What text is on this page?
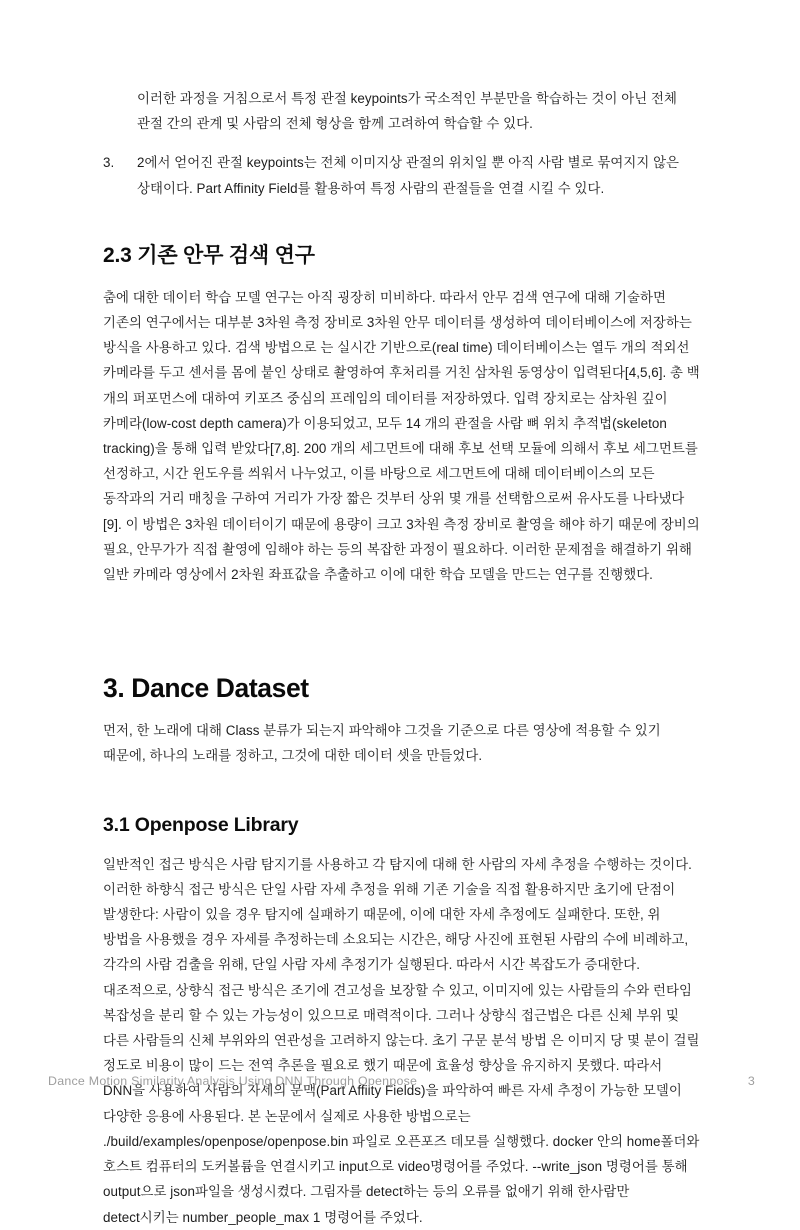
이러한 과정을 거침으로서 특정 관절 keypoints가 국소적인 부분만을 학습하는 것이 아닌 전체 관절 간의 관계 및 사람의 전체 형상을 함께 고려하여 학습할 수 있다.

3. 2에서 얻어진 관절 keypoints는 전체 이미지상 관절의 위치일 뿐 아직 사람 별로 묶여지지 않은 상태이다. Part Affinity Field를 활용하여 특정 사람의 관절들을 연결 시킬 수 있다.
2.3 기존 안무 검색 연구

춤에 대한 데이터 학습 모델 연구는 아직 굉장히 미비하다. 따라서 안무 검색 연구에 대해 기술하면 기존의 연구에서는 대부분 3차원 측정 장비로 3차원 안무 데이터를 생성하여 데이터베이스에 저장하는 방식을 사용하고 있다. 검색 방법으로 는 실시간 기반으로(real time) 데이터베이스는 열두 개의 적외선 카메라를 두고 센서를 몸에 붙인 상태로 촬영하여 후처리를 거친 삼차원 동영상이 입력된다[4,5,6]. 총 백 개의 퍼포먼스에 대하여 키포즈 중심의 프레임의 데이터를 저장하였다. 입력 장치로는 삼차원 깊이 카메라(low-cost depth camera)가 이용되었고, 모두 14 개의 관절을 사람 뼈 위치 추적법(skeleton tracking)을 통해 입력 받았다[7,8]. 200 개의 세그먼트에 대해 후보 선택 모듈에 의해서 후보 세그먼트를 선정하고, 시간 윈도우를 씌워서 나누었고, 이를 바탕으로 세그먼트에 대해 데이터베이스의 모든 동작과의 거리 매칭을 구하여 거리가 가장 짧은 것부터 상위 몇 개를 선택함으로써 유사도를 나타냈다[9]. 이 방법은 3차원 데이터이기 때문에 용량이 크고 3차원 측정 장비로 촬영을 해야 하기 때문에 장비의 필요, 안무가가 직접 촬영에 임해야 하는 등의 복잡한 과정이 필요하다. 이러한 문제점을 해결하기 위해 일반 카메라 영상에서 2차원 좌표값을 추출하고 이에 대한 학습 모델을 만드는 연구를 진행했다.

3. Dance Dataset

먼저, 한 노래에 대해 Class 분류가 되는지 파악해야 그것을 기준으로 다른 영상에 적용할 수 있기 때문에, 하나의 노래를 정하고, 그것에 대한 데이터 셋을 만들었다.

3.1 Openpose Library

일반적인 접근 방식은 사람 탐지기를 사용하고 각 탐지에 대해 한 사람의 자세 추정을 수행하는 것이다. 이러한 하향식 접근 방식은 단일 사람 자세 추정을 위해 기존 기술을 직접 활용하지만 초기에 단점이 발생한다: 사람이 있을 경우 탐지에 실패하기 때문에, 이에 대한 자세 추정에도 실패한다. 또한, 위 방법을 사용했을 경우 자세를 추정하는데 소요되는 시간은, 해당 사진에 표현된 사람의 수에 비례하고, 각각의 사람 검출을 위해, 단일 사람 자세 추정기가 실행된다. 따라서 시간 복잡도가 증대한다. 대조적으로, 상향식 접근 방식은 조기에 견고성을 보장할 수 있고, 이미지에 있는 사람들의 수와 런타임 복잡성을 분리 할 수 있는 가능성이 있으므로 매력적이다. 그러나 상향식 접근법은 다른 신체 부위 및 다른 사람들의 신체 부위와의 연관성을 고려하지 않는다. 초기 구문 분석 방법 은 이미지 당 몇 분이 걸릴 정도로 비용이 많이 드는 전역 추론을 필요로 했기 때문에 효율성 향상을 유지하지 못했다. 따라서 DNN을 사용하여 사람의 자세의 문맥(Part Affiity Fields)을 파악하여 빠른 자세 추정이 가능한 모델이 다양한 응용에 사용된다. 본 논문에서 실제로 사용한 방법으로는

./build/examples/openpose/openpose.bin 파일로 오픈포즈 데모를 실행했다. docker 안의 home폴더와 호스트 컴퓨터의 도커볼륨을 연결시키고 input으로 video명령어를 주었다. --write_json 명령어를 통해 output으로 json파일을 생성시켰다. 그림자를 detect하는 등의 오류를 없애기 위해 한사람만 detect시키는 number_people_max 1 명령어를 주었다.

Dance Motion Similarity Analysis Using DNN Through Openpose	3
